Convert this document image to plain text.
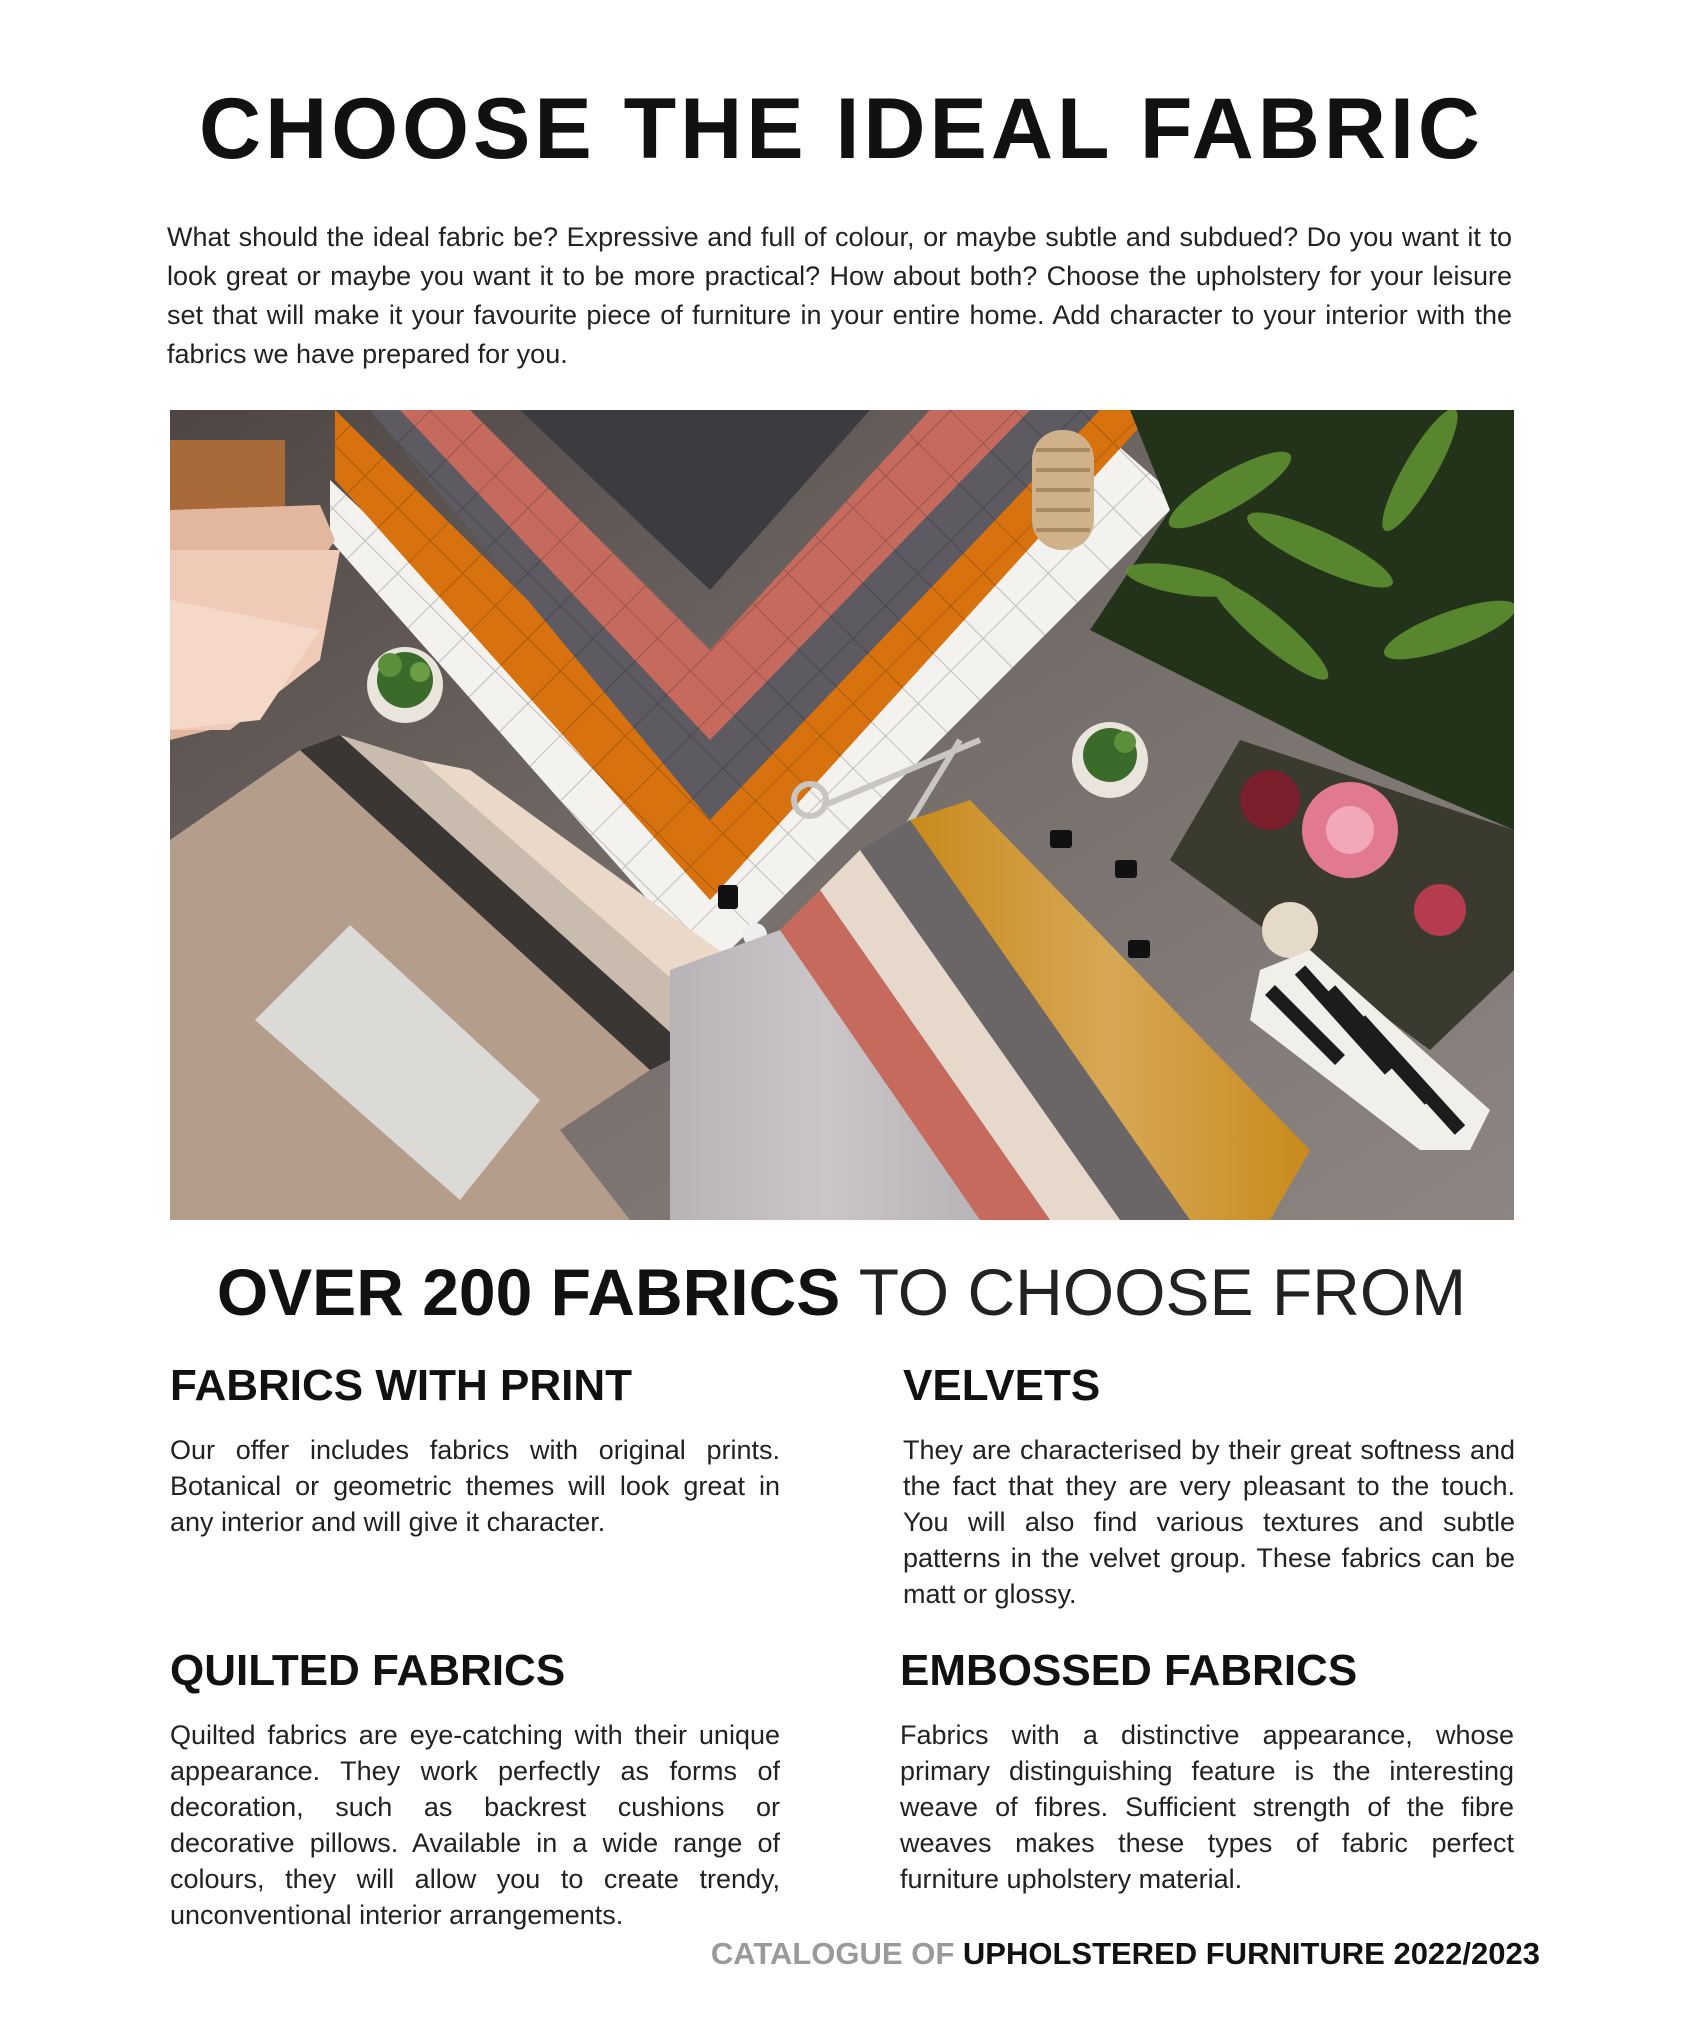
CHOOSE THE IDEAL FABRIC

What should the ideal fabric be? Expressive and full of colour, or maybe subtle and subdued? Do you want it to look great or maybe you want it to be more practical? How about both? Choose the upholstery for your leisure set that will make it your favourite piece of furniture in your entire home. Add character to your interior with the fabrics we have prepared for you.

OVER 200 FABRICS TO CHOOSE FROM
FABRICS WITH PRINT

Our offer includes fabrics with original prints. Botanical or geometric themes will look great in any interior and will give it character.

VELVETS

They are characterised by their great softness and the fact that they are very pleasant to the touch. You will also find various textures and subtle patterns in the velvet group. These fabrics can be matt or glossy.

QUILTED FABRICS

Quilted fabrics are eye-catching with their unique appearance. They work perfectly as forms of decoration, such as backrest cushions or decorative pillows. Available in a wide range of colours, they will allow you to create trendy, unconventional interior arrangements.

EMBOSSED FABRICS

Fabrics with a distinctive appearance, whose primary distinguishing feature is the interesting weave of fibres. Sufficient strength of the fibre weaves makes these types of fabric perfect furniture upholstery material.

CATALOGUE OF UPHOLSTERED FURNITURE 2022/2023
